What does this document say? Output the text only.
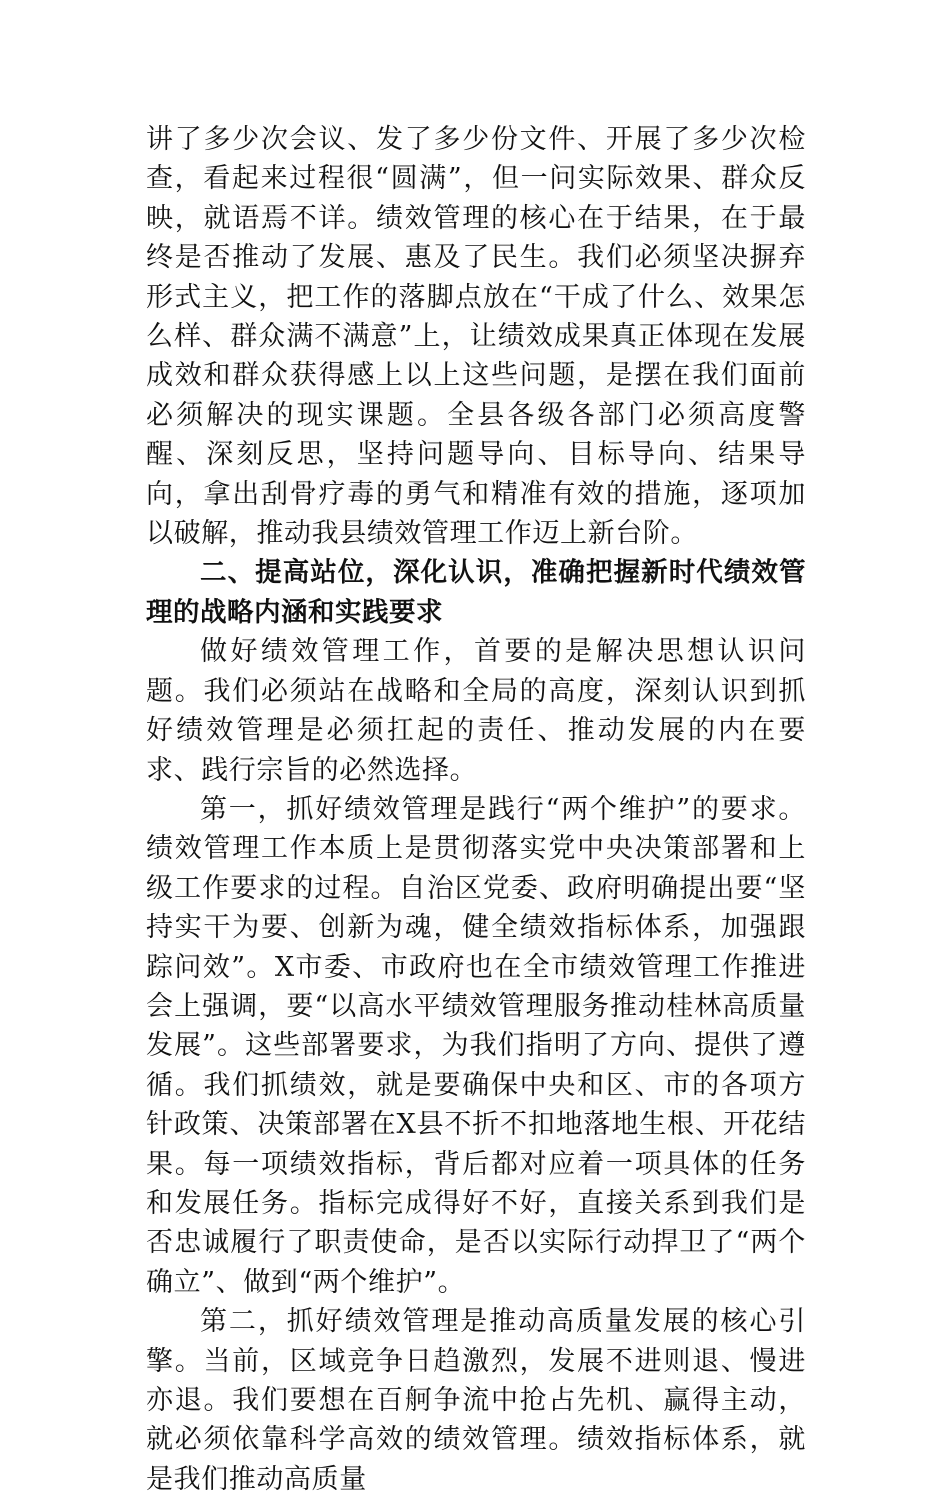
讲了多少次会议、发了多少份文件、开展了多少次检查，看起来过程很“圆满”，但一问实际效果、群众反映，就语焉不详。绩效管理的核心在于结果，在于最终是否推动了发展、惠及了民生。我们必须坚决摒弃形式主义，把工作的落脚点放在“干成了什么、效果怎么样、群众满不满意”上，让绩效成果真正体现在发展成效和群众获得感上以上这些问题，是摆在我们面前必须解决的现实课题。全县各级各部门必须高度警醒、深刻反思，坚持问题导向、目标导向、结果导向，拿出刮骨疗毒的勇气和精准有效的措施，逐项加以破解，推动我县绩效管理工作迈上新台阶。

二、提高站位，深化认识，准确把握新时代绩效管理的战略内涵和实践要求

做好绩效管理工作，首要的是解决思想认识问题。我们必须站在战略和全局的高度，深刻认识到抓好绩效管理是必须扛起的责任、推动发展的内在要求、践行宗旨的必然选择。

第一，抓好绩效管理是践行“两个维护”的要求。绩效管理工作本质上是贯彻落实党中央决策部署和上级工作要求的过程。自治区党委、政府明确提出要“坚持实干为要、创新为魂，健全绩效指标体系，加强跟踪问效”。X市委、市政府也在全市绩效管理工作推进会上强调，要“以高水平绩效管理服务推动桂林高质量发展”。这些部署要求，为我们指明了方向、提供了遵循。我们抓绩效，就是要确保中央和区、市的各项方针政策、决策部署在X县不折不扣地落地生根、开花结果。每一项绩效指标，背后都对应着一项具体的任务和发展任务。指标完成得好不好，直接关系到我们是否忠诚履行了职责使命，是否以实际行动捍卫了“两个确立”、做到“两个维护”。

第二，抓好绩效管理是推动高质量发展的核心引擎。当前，区域竞争日趋激烈，发展不进则退、慢进亦退。我们要想在百舸争流中抢占先机、赢得主动，就必须依靠科学高效的绩效管理。绩效指标体系，就是我们推动高质量
